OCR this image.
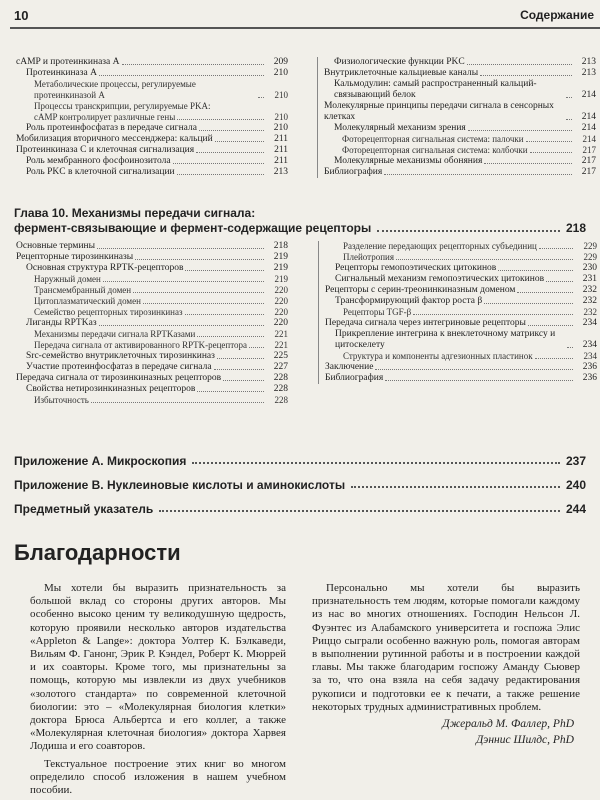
10	Содержание
cAMP и протеинкиназа A	209
Протеинкиназа A	210
Метаболические процессы, регулируемые протеинкиназой A	210
Процессы транскрипции, регулируемые PKA:
cAMP контролирует различные гены	210
Роль протеинфосфатаз в передаче сигнала	210
Мобилизация вторичного мессенджера: кальций	211
Протеинкиназа C и клеточная сигнализация	211
Роль мембранного фосфоинозитола	211
Роль PKC в клеточной сигнализации	213
Физиологические функции PKC	213
Внутриклеточные кальциевые каналы	213
Кальмодулин: самый распространенный кальций-связывающий белок	214
Молекулярные принципы передачи сигнала в сенсорных клетках	214
Молекулярный механизм зрения	214
Фоторецепторная сигнальная система: палочки	214
Фоторецепторная сигнальная система: колбочки	217
Молекулярные механизмы обоняния	217
Библиография	217
Глава 10. Механизмы передачи сигнала:
фермент-связывающие и фермент-содержащие рецепторы	218
Основные термины	218
Рецепторные тирозинкиназы	219
Основная структура RPTK-рецепторов	219
Наружный домен	219
Трансмембранный домен	220
Цитоплазматический домен	220
Семейство рецепторных тирозинкиназ	220
Лиганды RPTKаз	220
Механизмы передачи сигнала RPTKазами	221
Передача сигнала от активированного RPTK-рецептора	221
Src-семейство внутриклеточных тирозинкиназ	225
Участие протеинфосфатаз в передаче сигнала	227
Передача сигнала от тирозинкиназных рецепторов	228
Свойства нетирозинкиназных рецепторов	228
Избыточность	228
Разделение передающих рецепторных субъединиц	229
Плейотропия	229
Рецепторы гемопоэтических цитокинов	230
Сигнальный механизм гемопоэтических цитокинов	231
Рецепторы с серин-треонинкиназным доменом	232
Трансформирующий фактор роста β	232
Рецепторы TGF-β	232
Передача сигнала через интегриновые рецепторы	234
Прикрепление интегрина к внеклеточному матриксу и цитоскелету	234
Структура и компоненты адгезионных пластинок	234
Заключение	236
Библиография	236
Приложение А. Микроскопия	237
Приложение В. Нуклеиновые кислоты и аминокислоты	240
Предметный указатель	244
Благодарности
Мы хотели бы выразить признательность за большой вклад со стороны других авторов. Мы особенно высоко ценим ту великодушную щедрость, которую проявили несколько авторов издательства «Appleton & Lange»: доктора Уолтер К. Бэлкаведи, Вильям Ф. Ганонг, Эрик Р. Кэндел, Роберт К. Мюррей и их соавторы. Кроме того, мы признательны за помощь, которую мы извлекли из двух учебников «золотого стандарта» по современной клеточной биологии: это – «Молекулярная биология клетки» доктора Брюса Альбертса и его коллег, а также «Молекулярная клеточная биология» доктора Харвея Лодиша и его соавторов.
Текстуальное построение этих книг во многом определило способ изложения в нашем учебном пособии.
Персонально мы хотели бы выразить признательность тем людям, которые помогали каждому из нас во многих отношениях. Господин Нельсон Л. Фуэнтес из Алабамского университета и госпожа Элис Риццо сыграли особенно важную роль, помогая авторам в выполнении рутинной работы и в построении каждой главы. Мы также благодарим госпожу Аманду Сьювер за то, что она взяла на себя задачу редактирования рукописи и подготовки ее к печати, а также решение некоторых трудных административных проблем.
Джеральд М. Фаллер, PhD
Дэннис Шилдс, PhD
